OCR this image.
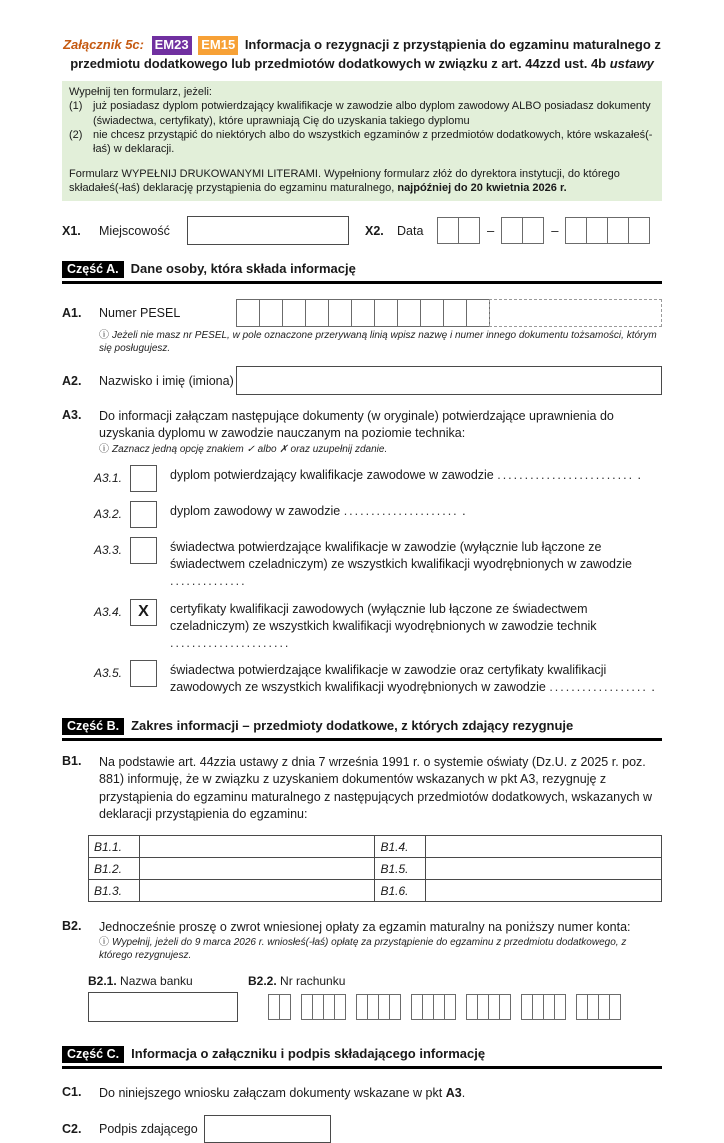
Załącznik 5c: EM23 EM15 Informacja o rezygnacji z przystąpienia do egzaminu maturalnego z przedmiotu dodatkowego lub przedmiotów dodatkowych w związku z art. 44zzd ust. 4b ustawy
Wypełnij ten formularz, jeżeli:
(1) już posiadasz dyplom potwierdzający kwalifikacje w zawodzie albo dyplom zawodowy ALBO posiadasz dokumenty (świadectwa, certyfikaty), które uprawniają Cię do uzyskania takiego dyplomu
(2) nie chcesz przystąpić do niektórych albo do wszystkich egzaminów z przedmiotów dodatkowych, które wskazałeś(-łaś) w deklaracji.
Formularz WYPEŁNIJ DRUKOWANYMI LITERAMI. Wypełniony formularz złóż do dyrektora instytucji, do którego składałeś(-łaś) deklarację przystąpienia do egzaminu maturalnego, najpóźniej do 20 kwietnia 2026 r.
X1.	Miejscowość	X2.	Data	–	–
Część A. Dane osoby, która składa informację
A1.	Numer PESEL
ⓘ Jeżeli nie masz nr PESEL, w pole oznaczone przerywaną linią wpisz nazwę i numer innego dokumentu tożsamości, którym się posługujesz.
A2.	Nazwisko i imię (imiona)
A3.	Do informacji załączam następujące dokumenty (w oryginale) potwierdzające uprawnienia do uzyskania dyplomu w zawodzie nauczanym na poziomie technika:
ⓘ Zaznacz jedną opcję znakiem ✓ albo ✗ oraz uzupełnij zdanie.
A3.1.	dyplom potwierdzający kwalifikacje zawodowe w zawodzie ......................... .
A3.2.	dyplom zawodowy w zawodzie ..................... .
A3.3.	świadectwa potwierdzające kwalifikacje w zawodzie (wyłącznie lub łączone ze świadectwem czeladniczym) ze wszystkich kwalifikacji wyodrębnionych w zawodzie ..............
A3.4.	X	certyfikaty kwalifikacji zawodowych (wyłącznie lub łączone ze świadectwem czeladniczym) ze wszystkich kwalifikacji wyodrębnionych w zawodzie technik ......................
A3.5.	świadectwa potwierdzające kwalifikacje w zawodzie oraz certyfikaty kwalifikacji zawodowych ze wszystkich kwalifikacji wyodrębnionych w zawodzie .................. .
Część B. Zakres informacji – przedmioty dodatkowe, z których zdający rezygnuje
B1.	Na podstawie art. 44zzia ustawy z dnia 7 września 1991 r. o systemie oświaty (Dz.U. z 2025 r. poz. 881) informuję, że w związku z uzyskaniem dokumentów wskazanych w pkt A3, rezygnuję z przystąpienia do egzaminu maturalnego z następujących przedmiotów dodatkowych, wskazanych w deklaracji przystąpienia do egzaminu:
B1.1.		B1.4.	
B1.2.		B1.5.	
B1.3.		B1.6.	
B2.	Jednocześnie proszę o zwrot wniesionej opłaty za egzamin maturalny na poniższy numer konta:
ⓘ Wypełnij, jeżeli do 9 marca 2026 r. wniosłeś(-łaś) opłatę za przystąpienie do egzaminu z przedmiotu dodatkowego, z którego rezygnujesz.
B2.1. Nazwa banku	B2.2. Nr rachunku
Część C. Informacja o załączniku i podpis składającego informację
C1.	Do niniejszego wniosku załączam dokumenty wskazane w pkt A3.
C2.	Podpis zdającego
